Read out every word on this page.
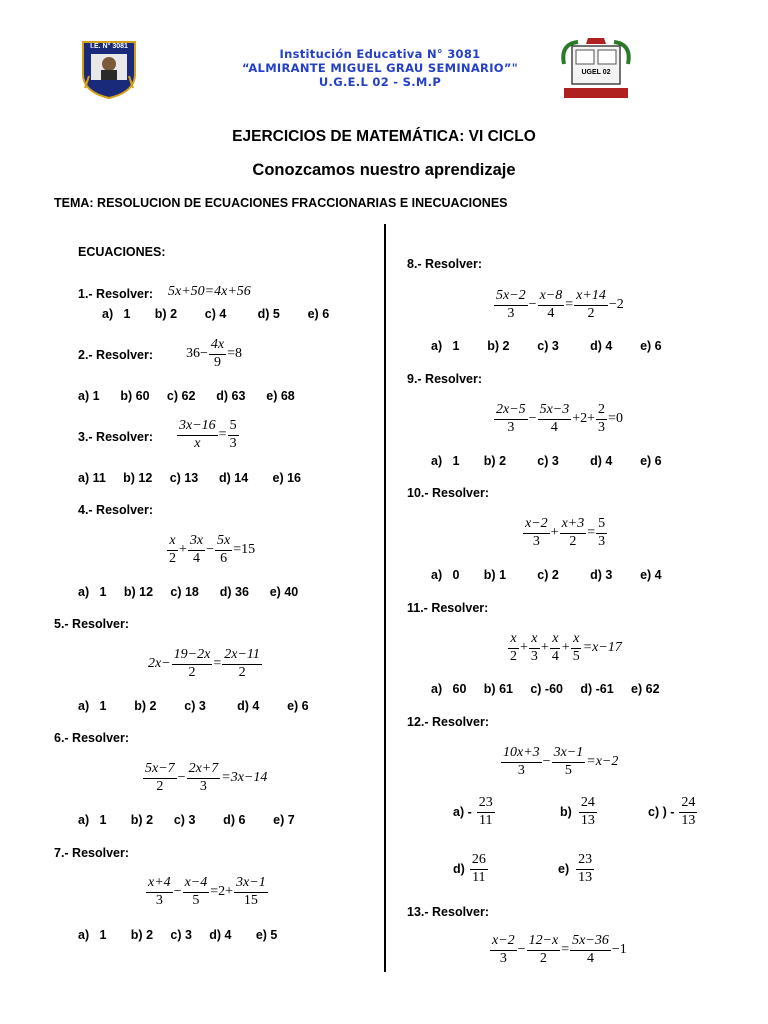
I.E. N° 3081
Institución Educativa N° 3081
“ALMIRANTE MIGUEL GRAU SEMINARIO”"
U.G.E.L 02 - S.M.P
UGEL 02
EJERCICIOS DE MATEMÁTICA: VI CICLO
Conozcamos nuestro aprendizaje
TEMA: RESOLUCION DE ECUACIONES FRACCIONARIAS E INECUACIONES
ECUACIONES:
1.- Resolver: 5x+50=4x+56
a)   1       b) 2        c) 4         d) 5        e) 6
2.- Resolver: $36- \frac{4x}{9} =8$
a) 1      b) 60     c) 62      d) 63      e) 68
3.- Resolver: $\frac{3x-16}{x} = \frac{5}{3}$
a) 11     b) 12     c) 13      d) 14       e) 16
4.- Resolver:
$\frac{x}{2} + \frac{3x}{4} - \frac{5x}{6} =15$
a)   1     b) 12     c) 18      d) 36      e) 40
5.- Resolver:
$2x- \frac{19-2x}{2} = \frac{2x-11}{2}$
a)   1        b) 2        c) 3         d) 4        e) 6
6.- Resolver:
$\frac{5x-7}{2} - \frac{2x+7}{3} =3x-14$
a)   1       b) 2      c) 3        d) 6        e) 7
7.- Resolver:
$\frac{x+4}{3} - \frac{x-4}{5} =2+ \frac{3x-1}{15}$
a)   1       b) 2     c) 3     d) 4       e) 5
8.- Resolver:
$\frac{5x-2}{3} - \frac{x-8}{4} = \frac{x+14}{2} -2$
a)   1        b) 2        c) 3         d) 4        e) 6
9.- Resolver:
$\frac{2x-5}{3} - \frac{5x-3}{4} +2+ \frac{2}{3} =0$
a)   1       b) 2         c) 3         d) 4        e) 6
10.- Resolver:
$\frac{x-2}{3} + \frac{x+3}{2} = \frac{5}{3}$
a)   0       b) 1         c) 2         d) 3        e) 4
11.- Resolver:
$\frac{x}{2} + \frac{x}{3} + \frac{x}{4} + \frac{x}{5} =x-17$
a)   60     b) 61     c) -60     d) -61     e) 62
12.- Resolver:
$\frac{10x+3}{3} - \frac{3x-1}{5} =x-2$
$a) - \frac{23}{11}$	$b) \frac{24}{13}$	c) ) - $\frac{24}{13}$
$d) \frac{26}{11}$	$e) \frac{23}{13}$
13.- Resolver:
$\frac{x-2}{3} - \frac{12-x}{2} = \frac{5x-36}{4} -1$
